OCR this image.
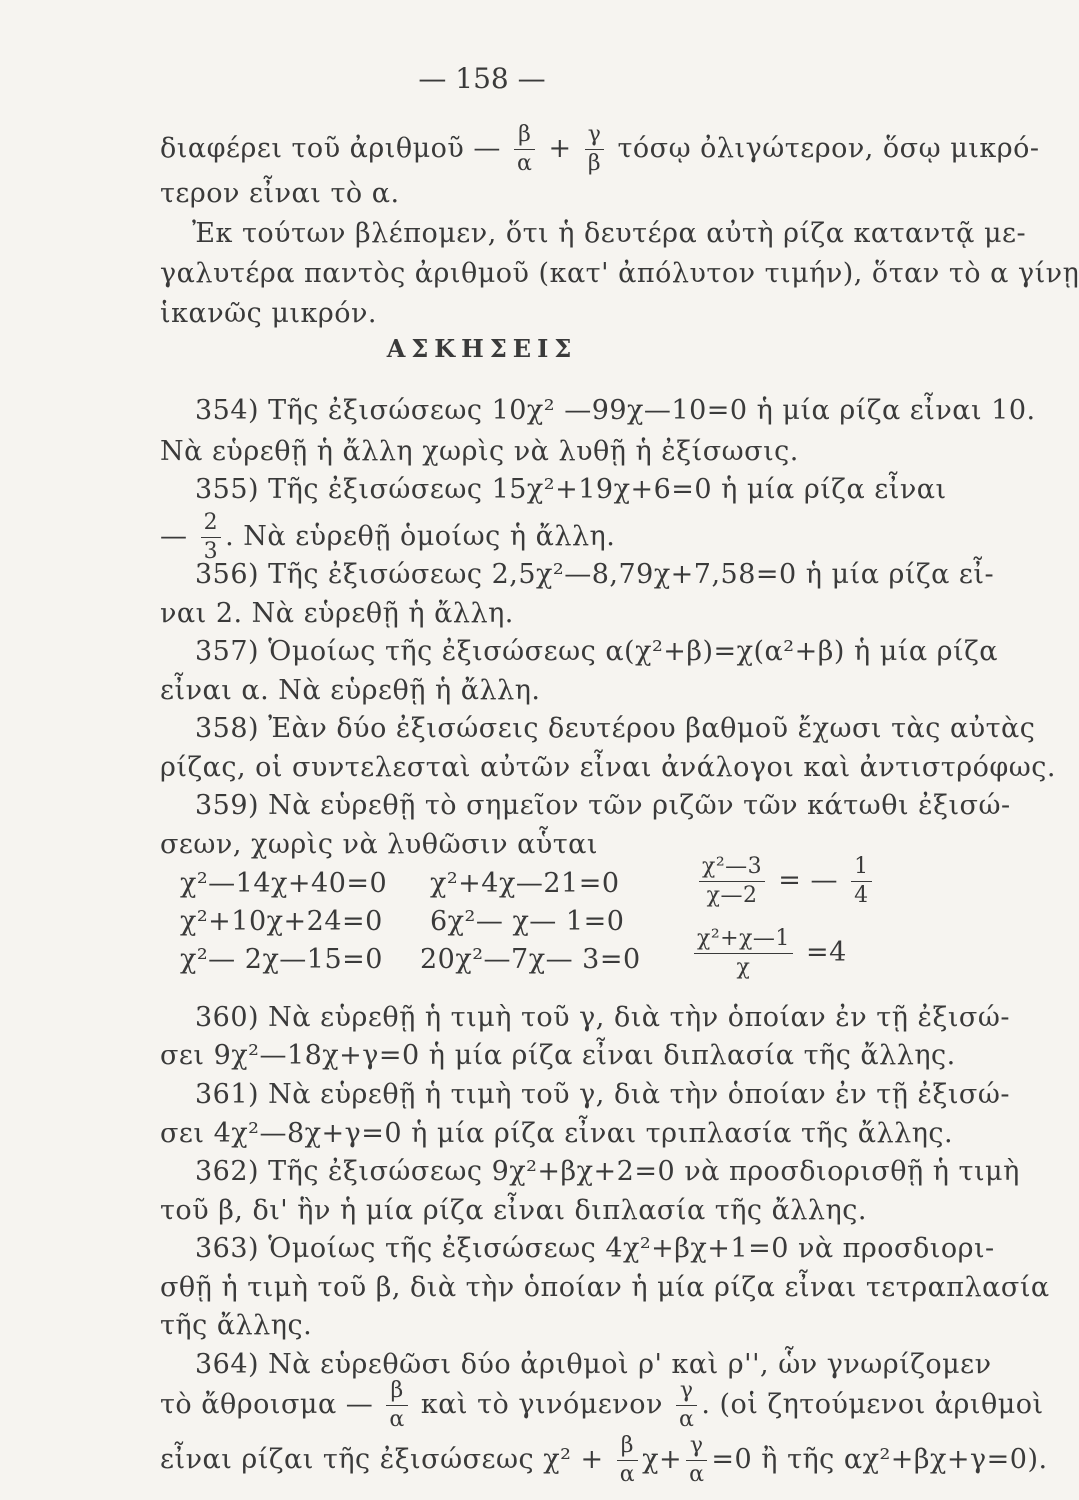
— 158 —
διαφέρει τοῦ ἀριθμοῦ — $\frac{\beta}{\alpha} + \frac{\gamma}{\beta}$ τόσῳ ὀλιγώτερον, ὅσῳ μικρό-
τερον εἶναι τὸ α.
Ἐκ τούτων βλέπομεν, ὅτι ἡ δευτέρα αὐτὴ ρίζα καταντᾷ με-
γαλυτέρα παντὸς ἀριθμοῦ (κατ' ἀπόλυτον τιμήν), ὅταν τὸ α γίνῃ
ἱκανῶς μικρόν.
ΑΣΚΗΣΕΙΣ
354) Τῆς ἐξισώσεως 10χ² —99χ—10=0 ἡ μία ρίζα εἶναι 10.
Νὰ εὑρεθῇ ἡ ἄλλη χωρὶς νὰ λυθῇ ἡ ἐξίσωσις.
355) Τῆς ἐξισώσεως 15χ²+19χ+6=0 ἡ μία ρίζα εἶναι
— $\frac{2}{3}$ . Νὰ εὑρεθῇ ὁμοίως ἡ ἄλλη.
356) Τῆς ἐξισώσεως 2,5χ²—8,79χ+7,58=0 ἡ μία ρίζα εἶ-
ναι 2. Νὰ εὑρεθῇ ἡ ἄλλη.
357) Ὁμοίως τῆς ἐξισώσεως α(χ²+β)=χ(α²+β) ἡ μία ρίζα
εἶναι α. Νὰ εὑρεθῇ ἡ ἄλλη.
358) Ἐὰν δύο ἐξισώσεις δευτέρου βαθμοῦ ἔχωσι τὰς αὐτὰς
ρίζας, οἱ συντελεσταὶ αὐτῶν εἶναι ἀνάλογοι καὶ ἀντιστρόφως.
359) Νὰ εὑρεθῇ τὸ σημεῖον τῶν ριζῶν τῶν κάτωθι ἐξισώ-
σεων, χωρὶς νὰ λυθῶσιν αὗται
χ²—14χ+40=0 χ²+4χ—21=0	$\frac{\text{χ²—3}}{\chi—2}$ = — $\frac{1}{4}$
χ²+10χ+24=0 6χ²— χ— 1=0
χ²— 2χ—15=0 20χ²—7χ— $3=0 \frac{\text{χ²+χ—1}}{\chi} =4$
360) Νὰ εὑρεθῇ ἡ τιμὴ τοῦ γ, διὰ τὴν ὁποίαν ἐν τῇ ἐξισώ-
σει 9χ²—18χ+γ=0 ἡ μία ρίζα εἶναι διπλασία τῆς ἄλλης.
361) Νὰ εὑρεθῇ ἡ τιμὴ τοῦ γ, διὰ τὴν ὁποίαν ἐν τῇ ἐξισώ-
σει 4χ²—8χ+γ=0 ἡ μία ρίζα εἶναι τριπλασία τῆς ἄλλης.
362) Τῆς ἐξισώσεως 9χ²+βχ+2=0 νὰ προσδιορισθῇ ἡ τιμὴ
τοῦ β, δι' ἣν ἡ μία ρίζα εἶναι διπλασία τῆς ἄλλης.
363) Ὁμοίως τῆς ἐξισώσεως 4χ²+βχ+1=0 νὰ προσδιορι-
σθῇ ἡ τιμὴ τοῦ β, διὰ τὴν ὁποίαν ἡ μία ρίζα εἶναι τετραπλασία
τῆς ἄλλης.
364) Νὰ εὑρεθῶσι δύο ἀριθμοὶ ρ' καὶ ρ'', ὧν γνωρίζομεν
τὸ ἄθροισμα — $\frac{\beta}{\alpha}$ καὶ τὸ γινόμενον $\frac{\gamma}{\alpha}$ . (οἱ ζητούμενοι ἀριθμοὶ
εἶναι ρίζαι τῆς ἐξισώσεως $\chi^2 + \frac{\beta}{\alpha} \chi+ \frac{\gamma}{\alpha} =0$ ἢ τῆς αχ²+βχ+γ=0).
